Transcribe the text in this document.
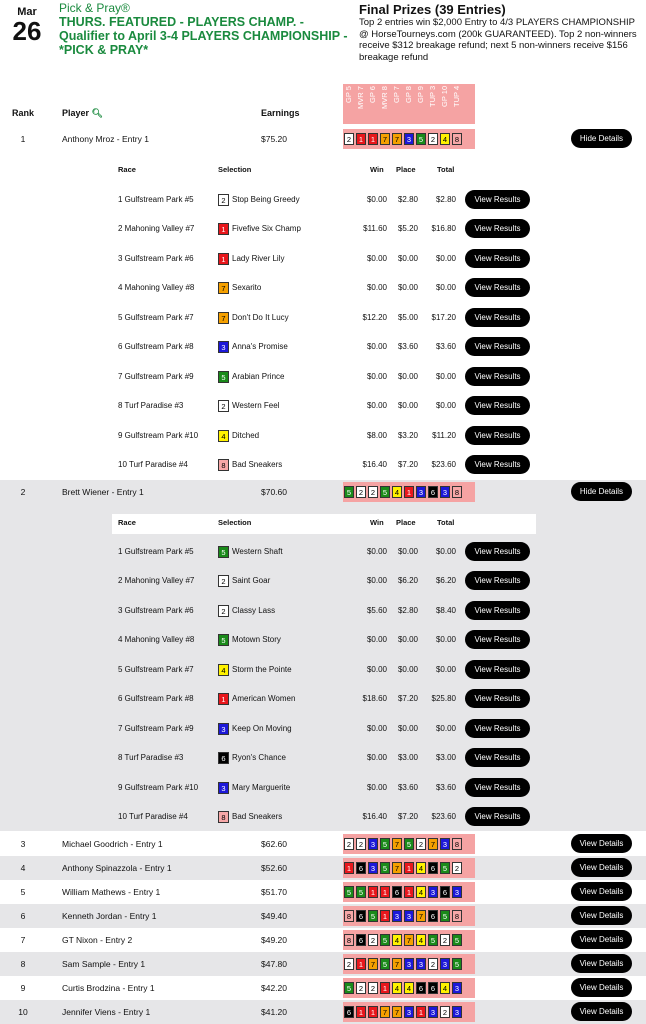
Mar
26
Pick & Pray®
THURS. FEATURED - PLAYERS CHAMP. - Qualifier to April 3-4 PLAYERS CHAMPIONSHIP - *PICK & PRAY*
Final Prizes (39 Entries)
Top 2 entries win $2,000 Entry to 4/3 PLAYERS CHAMPIONSHIP @ HorseTourneys.com (200k GUARANTEED). Top 2 non-winners receive $312 breakage refund; next 5 non-winners receive $156 breakage refund
Rank	Player 🔍︎	Earnings
GP 5 MVR 7 GP 6 MVR 8 GP 7 GP 8 GP 9 TUP 3 GP 10 TUP 4
1	Anthony Mroz - Entry 1	$75.20	2	1	1	7	7	3	5	2	4	8	Hide Details
Race	Selection	Win Place	Total
1 Gulfstream Park #5	2 Stop Being Greedy	$0.00	$2.80	$2.80	View Results
2 Mahoning Valley #7	1 Fivefive Six Champ	$11.60	$5.20	$16.80	View Results
3 Gulfstream Park #6	1 Lady River Lily	$0.00	$0.00	$0.00	View Results
4 Mahoning Valley #8	7 Sexarito	$0.00	$0.00	$0.00	View Results
5 Gulfstream Park #7	7 Don't Do It Lucy	$12.20	$5.00	$17.20	View Results
6 Gulfstream Park #8	3 Anna's Promise	$0.00	$3.60	$3.60	View Results
7 Gulfstream Park #9	5 Arabian Prince	$0.00	$0.00	$0.00	View Results
8 Turf Paradise #3	2 Western Feel	$0.00	$0.00	$0.00	View Results
9 Gulfstream Park #10	4 Ditched	$8.00	$3.20	$11.20	View Results
10 Turf Paradise #4	8 Bad Sneakers	$16.40	$7.20	$23.60	View Results
2	Brett Wiener - Entry 1	$70.60	5	2	2	5	4	1	3	6	3	8	Hide Details
Race	Selection	Win Place	Total
1 Gulfstream Park #5	5 Western Shaft	$0.00	$0.00	$0.00	View Results
2 Mahoning Valley #7	2 Saint Goar	$0.00	$6.20	$6.20	View Results
3 Gulfstream Park #6	2 Classy Lass	$5.60	$2.80	$8.40	View Results
4 Mahoning Valley #8	5 Motown Story	$0.00	$0.00	$0.00	View Results
5 Gulfstream Park #7	4 Storm the Pointe	$0.00	$0.00	$0.00	View Results
6 Gulfstream Park #8	1 American Women	$18.60	$7.20	$25.80	View Results
7 Gulfstream Park #9	3 Keep On Moving	$0.00	$0.00	$0.00	View Results
8 Turf Paradise #3	6 Ryon's Chance	$0.00	$3.00	$3.00	View Results
9 Gulfstream Park #10	3 Mary Marguerite	$0.00	$3.60	$3.60	View Results
10 Turf Paradise #4	8 Bad Sneakers	$16.40	$7.20	$23.60	View Results
3	Michael Goodrich - Entry 1	$62.60	2	2	3	5	7	5	2	7	3	8	View Details
4	Anthony Spinazzola - Entry 1	$52.60	1	6	3	5	7	1	4	6	5	2	View Details
5	William Mathews - Entry 1	$51.70	5	5	1	1	6	1	4	3	6	3	View Details
6	Kenneth Jordan - Entry 1	$49.40	8	6	5	1	3	3	7	6	5	8	View Details
7	GT Nixon - Entry 2	$49.20	8	6	2	5	4	7	4	5	2	5	View Details
8	Sam Sample - Entry 1	$47.80	2	1	7	5	7	3	3	2	3	5	View Details
9	Curtis Brodzina - Entry 1	$42.20	5	2	2	1	4	4	6	6	4	3	View Details
10	Jennifer Viens - Entry 1	$41.20	6	1	1	7	7	3	1	3	2	3	View Details
